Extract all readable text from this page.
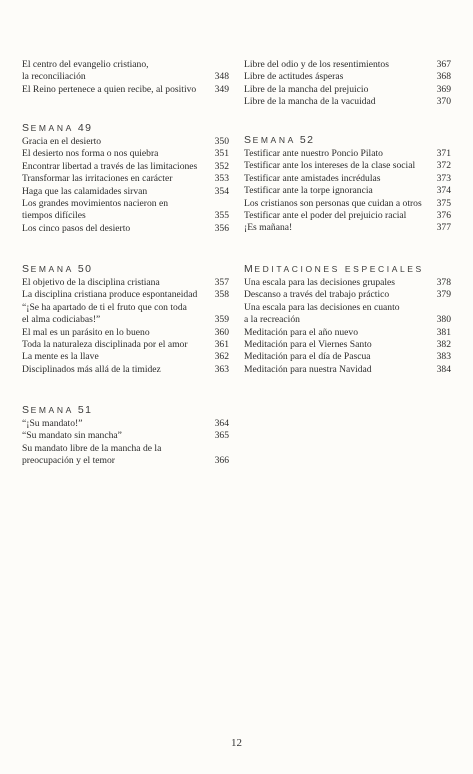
El centro del evangelio cristiano,
la reconciliación	348
El Reino pertenece a quien recibe, al positivo	349
SEMANA 49
Gracia en el desierto	350
El desierto nos forma o nos quiebra	351
Encontrar libertad a través de las limitaciones	352
Transformar las irritaciones en carácter	353
Haga que las calamidades sirvan	354
Los grandes movimientos nacieron en
tiempos difíciles	355
Los cinco pasos del desierto	356
SEMANA 50
El objetivo de la disciplina cristiana	357
La disciplina cristiana produce espontaneidad	358
“¡Se ha apartado de ti el fruto que con toda
el alma codiciabas!”	359
El mal es un parásito en lo bueno	360
Toda la naturaleza disciplinada por el amor	361
La mente es la llave	362
Disciplinados más allá de la timidez	363
SEMANA 51
“¡Su mandato!”	364
“Su mandato sin mancha”	365
Su mandato libre de la mancha de la
preocupación y el temor	366
Libre del odio y de los resentimientos	367
Libre de actitudes ásperas	368
Libre de la mancha del prejuicio	369
Libre de la mancha de la vacuidad	370
SEMANA 52
Testificar ante nuestro Poncio Pilato	371
Testificar ante los intereses de la clase social	372
Testificar ante amistades incrédulas	373
Testificar ante la torpe ignorancia	374
Los cristianos son personas que cuidan a otros	375
Testificar ante el poder del prejuicio racial	376
¡Es mañana!	377
MEDITACIONES ESPECIALES
Una escala para las decisiones grupales	378
Descanso a través del trabajo práctico	379
Una escala para las decisiones en cuanto
a la recreación	380
Meditación para el año nuevo	381
Meditación para el Viernes Santo	382
Meditación para el día de Pascua	383
Meditación para nuestra Navidad	384
12
